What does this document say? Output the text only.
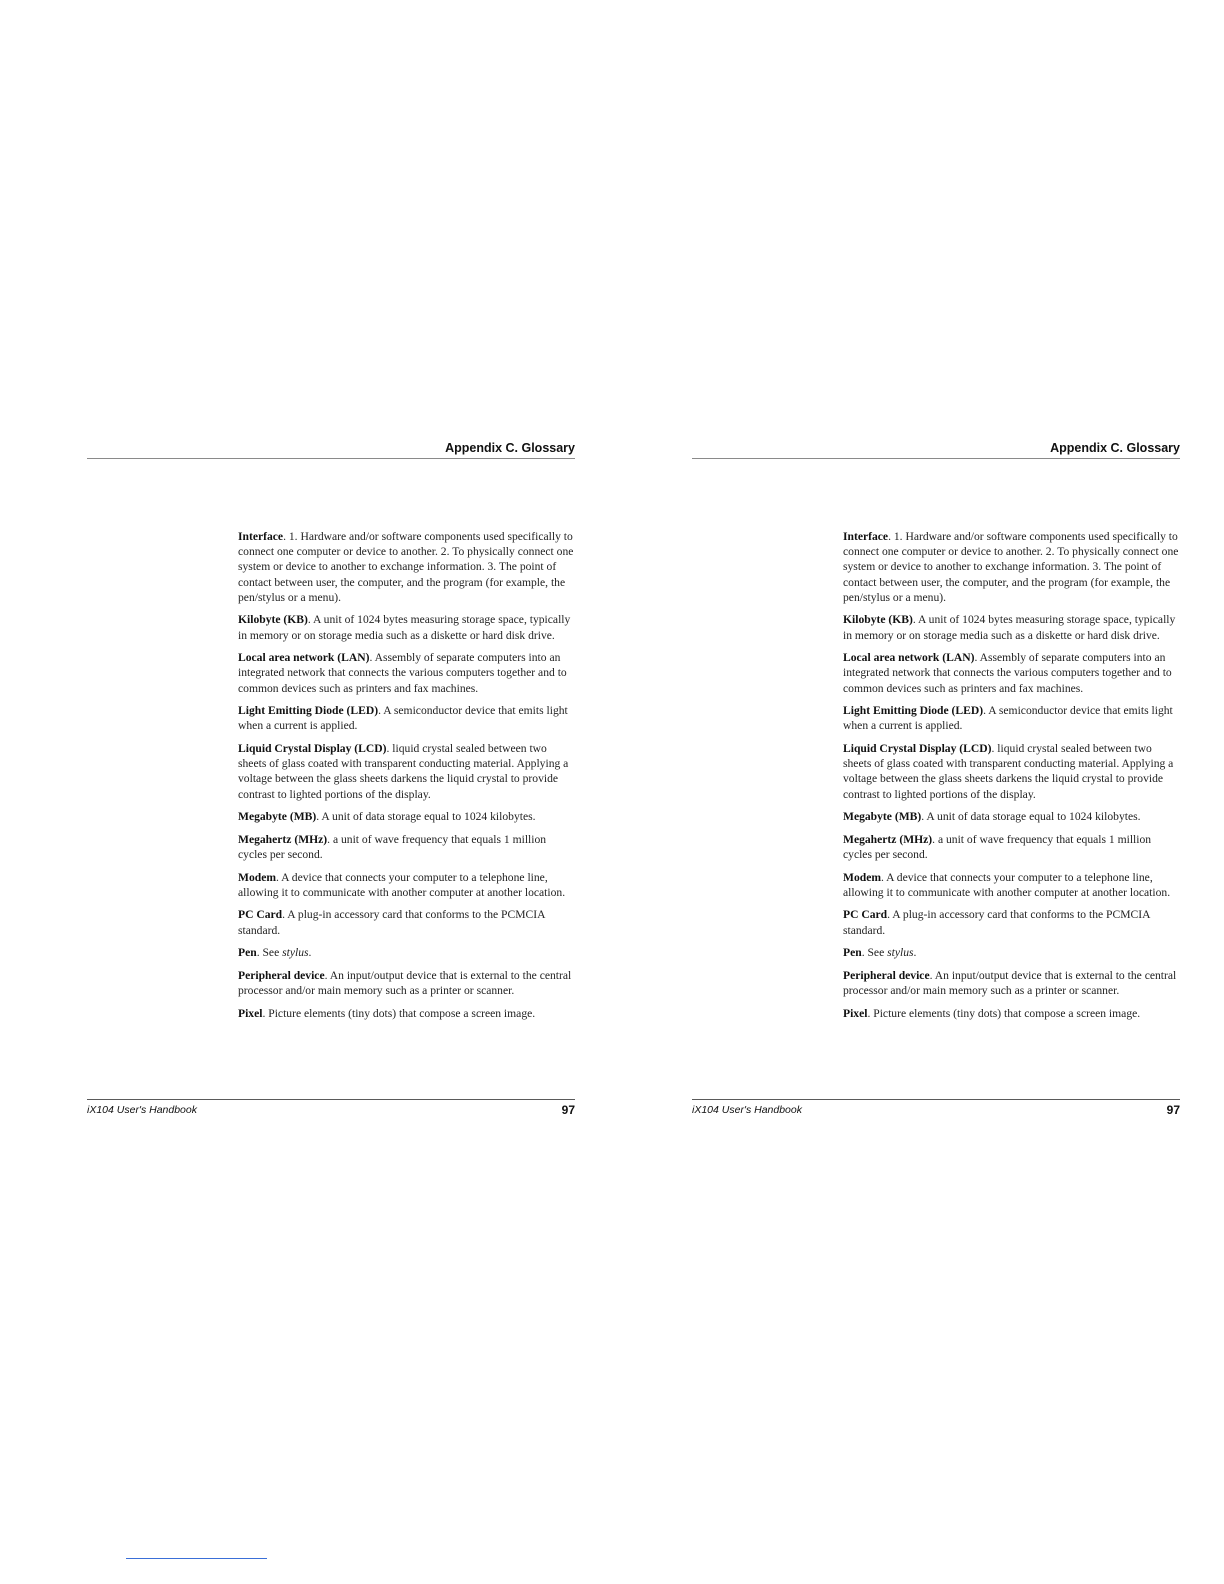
Appendix C. Glossary

Interface. 1. Hardware and/or software components used specifically to connect one computer or device to another. 2. To physically connect one system or device to another to exchange information. 3. The point of contact between user, the computer, and the program (for example, the pen/stylus or a menu).

Kilobyte (KB). A unit of 1024 bytes measuring storage space, typically in memory or on storage media such as a diskette or hard disk drive.

Local area network (LAN). Assembly of separate computers into an integrated network that connects the various computers together and to common devices such as printers and fax machines.

Light Emitting Diode (LED). A semiconductor device that emits light when a current is applied.

Liquid Crystal Display (LCD). liquid crystal sealed between two sheets of glass coated with transparent conducting material. Applying a voltage between the glass sheets darkens the liquid crystal to provide contrast to lighted portions of the display.

Megabyte (MB). A unit of data storage equal to 1024 kilobytes.

Megahertz (MHz). a unit of wave frequency that equals 1 million cycles per second.

Modem. A device that connects your computer to a telephone line, allowing it to communicate with another computer at another location.

PC Card. A plug-in accessory card that conforms to the PCMCIA standard.

Pen. See stylus.

Peripheral device. An input/output device that is external to the central processor and/or main memory such as a printer or scanner.

Pixel. Picture elements (tiny dots) that compose a screen image.

iX104 User's Handbook	97
Appendix C. Glossary

Interface. 1. Hardware and/or software components used specifically to connect one computer or device to another. 2. To physically connect one system or device to another to exchange information. 3. The point of contact between user, the computer, and the program (for example, the pen/stylus or a menu).

Kilobyte (KB). A unit of 1024 bytes measuring storage space, typically in memory or on storage media such as a diskette or hard disk drive.

Local area network (LAN). Assembly of separate computers into an integrated network that connects the various computers together and to common devices such as printers and fax machines.

Light Emitting Diode (LED). A semiconductor device that emits light when a current is applied.

Liquid Crystal Display (LCD). liquid crystal sealed between two sheets of glass coated with transparent conducting material. Applying a voltage between the glass sheets darkens the liquid crystal to provide contrast to lighted portions of the display.

Megabyte (MB). A unit of data storage equal to 1024 kilobytes.

Megahertz (MHz). a unit of wave frequency that equals 1 million cycles per second.

Modem. A device that connects your computer to a telephone line, allowing it to communicate with another computer at another location.

PC Card. A plug-in accessory card that conforms to the PCMCIA standard.

Pen. See stylus.

Peripheral device. An input/output device that is external to the central processor and/or main memory such as a printer or scanner.

Pixel. Picture elements (tiny dots) that compose a screen image.

iX104 User's Handbook	97
